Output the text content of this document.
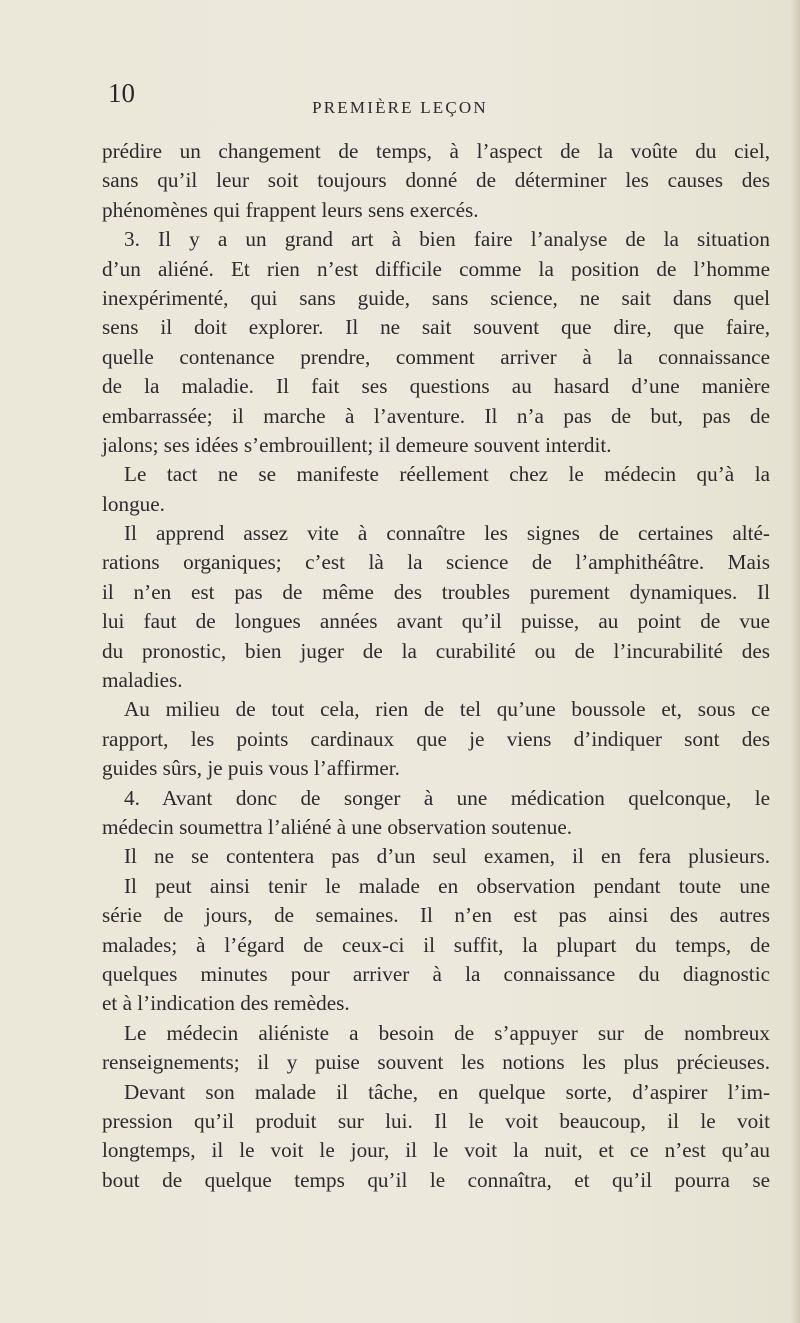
10	PREMIÈRE LEÇON
prédire un changement de temps, à l’aspect de la voûte du ciel,
sans qu’il leur soit toujours donné de déterminer les causes des
phénomènes qui frappent leurs sens exercés.
3. Il y a un grand art à bien faire l’analyse de la situation
d’un aliéné. Et rien n’est difficile comme la position de l’homme
inexpérimenté, qui sans guide, sans science, ne sait dans quel
sens il doit explorer. Il ne sait souvent que dire, que faire,
quelle contenance prendre, comment arriver à la connaissance
de la maladie. Il fait ses questions au hasard d’une manière
embarrassée; il marche à l’aventure. Il n’a pas de but, pas de
jalons; ses idées s’embrouillent; il demeure souvent interdit.
Le tact ne se manifeste réellement chez le médecin qu’à la
longue.
Il apprend assez vite à connaître les signes de certaines alté-
rations organiques; c’est là la science de l’amphithéâtre. Mais
il n’en est pas de même des troubles purement dynamiques. Il
lui faut de longues années avant qu’il puisse, au point de vue
du pronostic, bien juger de la curabilité ou de l’incurabilité des
maladies.
Au milieu de tout cela, rien de tel qu’une boussole et, sous ce
rapport, les points cardinaux que je viens d’indiquer sont des
guides sûrs, je puis vous l’affirmer.
4. Avant donc de songer à une médication quelconque, le
médecin soumettra l’aliéné à une observation soutenue.
Il ne se contentera pas d’un seul examen, il en fera plusieurs.
Il peut ainsi tenir le malade en observation pendant toute une
série de jours, de semaines. Il n’en est pas ainsi des autres
malades; à l’égard de ceux-ci il suffit, la plupart du temps, de
quelques minutes pour arriver à la connaissance du diagnostic
et à l’indication des remèdes.
Le médecin aliéniste a besoin de s’appuyer sur de nombreux
renseignements; il y puise souvent les notions les plus précieuses.
Devant son malade il tâche, en quelque sorte, d’aspirer l’im-
pression qu’il produit sur lui. Il le voit beaucoup, il le voit
longtemps, il le voit le jour, il le voit la nuit, et ce n’est qu’au
bout de quelque temps qu’il le connaîtra, et qu’il pourra se
